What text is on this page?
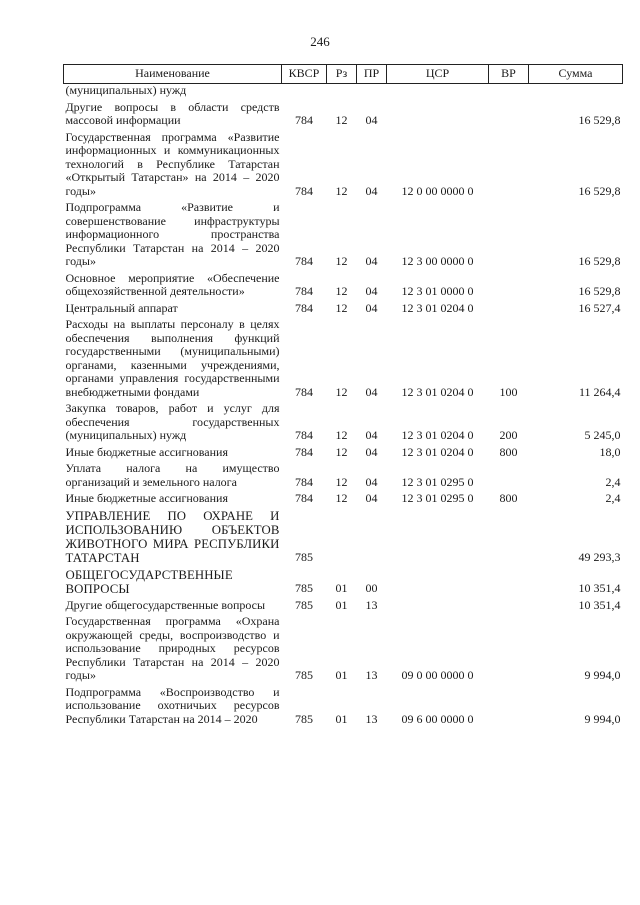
246
Наименование	КВСР	Рз	ПР	ЦСР	ВР	Сумма
(муниципальных) нужд						
Другие вопросы в области средств массовой информации	784	12	04			16 529,8
Государственная программа «Развитие информационных и коммуникационных технологий в Республике Татарстан «Открытый Татарстан» на 2014 – 2020 годы»	784	12	04	12 0 00 0000 0		16 529,8
Подпрограмма «Развитие и совершенствование инфраструктуры информационного пространства Республики Татарстан на 2014 – 2020 годы»	784	12	04	12 3 00 0000 0		16 529,8
Основное мероприятие «Обеспечение общехозяйственной деятельности»	784	12	04	12 3 01 0000 0		16 529,8
Центральный аппарат	784	12	04	12 3 01 0204 0		16 527,4
Расходы на выплаты персоналу в целях обеспечения выполнения функций государственными (муниципальными) органами, казенными учреждениями, органами управления государственными внебюджетными фондами	784	12	04	12 3 01 0204 0	100	11 264,4
Закупка товаров, работ и услуг для обеспечения государственных (муниципальных) нужд	784	12	04	12 3 01 0204 0	200	5 245,0
Иные бюджетные ассигнования	784	12	04	12 3 01 0204 0	800	18,0
Уплата налога на имущество организаций и земельного налога	784	12	04	12 3 01 0295 0		2,4
Иные бюджетные ассигнования	784	12	04	12 3 01 0295 0	800	2,4
УПРАВЛЕНИЕ ПО ОХРАНЕ И ИСПОЛЬЗОВАНИЮ ОБЪЕКТОВ ЖИВОТНОГО МИРА РЕСПУБЛИКИ ТАТАРСТАН	785					49 293,3
ОБЩЕГОСУДАРСТВЕННЫЕ ВОПРОСЫ	785	01	00			10 351,4
Другие общегосударственные вопросы	785	01	13			10 351,4
Государственная программа «Охрана окружающей среды, воспроизводство и использование природных ресурсов Республики Татарстан на 2014 – 2020 годы»	785	01	13	09 0 00 0000 0		9 994,0
Подпрограмма «Воспроизводство и использование охотничьих ресурсов Республики Татарстан на 2014 – 2020	785	01	13	09 6 00 0000 0		9 994,0
